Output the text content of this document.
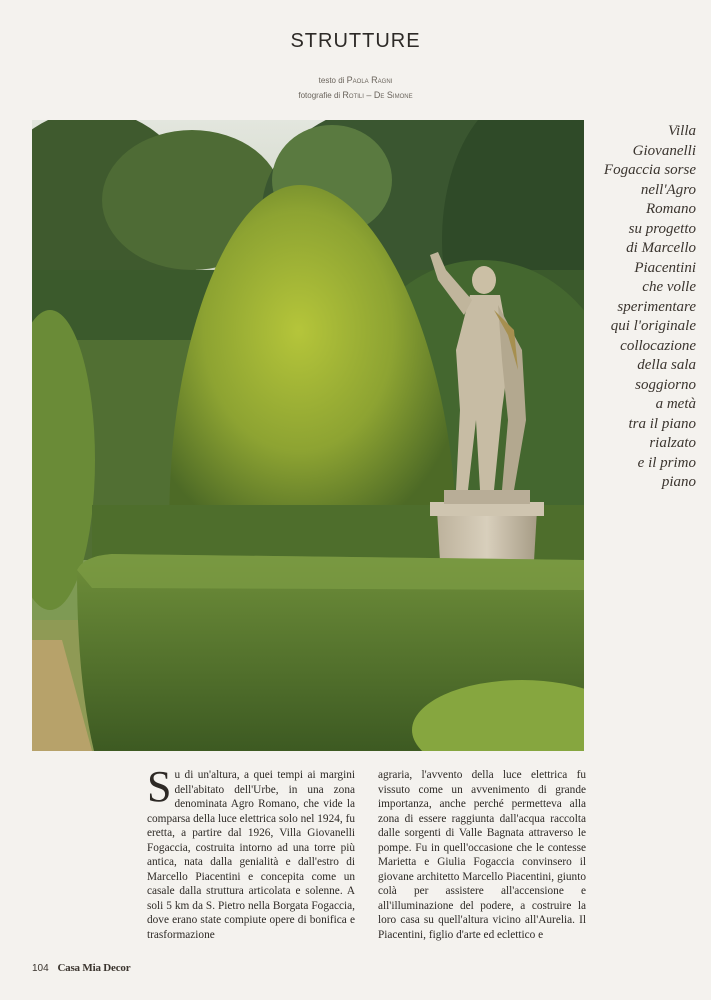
STRUTTURE
testo di Paola Ragni
fotografie di Rotili – De Simone
Villa
Giovanelli
Fogaccia sorse
nell'Agro
Romano
su progetto
di Marcello
Piacentini
che volle
sperimentare
qui l'originale
collocazione
della sala
soggiorno
a metà
tra il piano
rialzato
e il primo
piano
Su di un'altura, a quei tempi ai margini dell'abitato dell'Urbe, in una zona denominata Agro Romano, che vide la comparsa della luce elettrica solo nel 1924, fu eretta, a partire dal 1926, Villa Giovanelli Fogaccia, costruita intorno ad una torre più antica, nata dalla genialità e dall'estro di Marcello Piacentini e concepita come un casale dalla struttura articolata e solenne. A soli 5 km da S. Pietro nella Borgata Fogaccia, dove erano state compiute opere di bonifica e trasformazione
agraria, l'avvento della luce elettrica fu vissuto come un avvenimento di grande importanza, anche perché permetteva alla zona di essere raggiunta dall'acqua raccolta dalle sorgenti di Valle Bagnata attraverso le pompe. Fu in quell'occasione che le contesse Marietta e Giulia Fogaccia convinsero il giovane architetto Marcello Piacentini, giunto colà per assistere all'accensione e all'illuminazione del podere, a costruire la loro casa su quell'altura vicino all'Aurelia. Il Piacentini, figlio d'arte ed eclettico e
104 Casa Mia Decor
